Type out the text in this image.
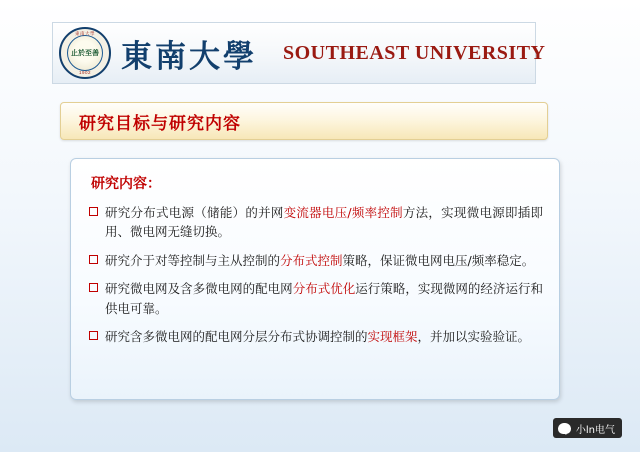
東南大學
止於至善
1902 東南大學 SOUTHEAST UNIVERSITY
研究目标与研究内容
研究内容：
研究分布式电源（储能）的并网变流器电压/频率控制方法，实现微电源即插即用、微电网无缝切换。
研究介于对等控制与主从控制的分布式控制策略，保证微电网电压/频率稳定。
研究微电网及含多微电网的配电网分布式优化运行策略，实现微网的经济运行和供电可靠。
研究含多微电网的配电网分层分布式协调控制的实现框架，并加以实验验证。
小ln电气
